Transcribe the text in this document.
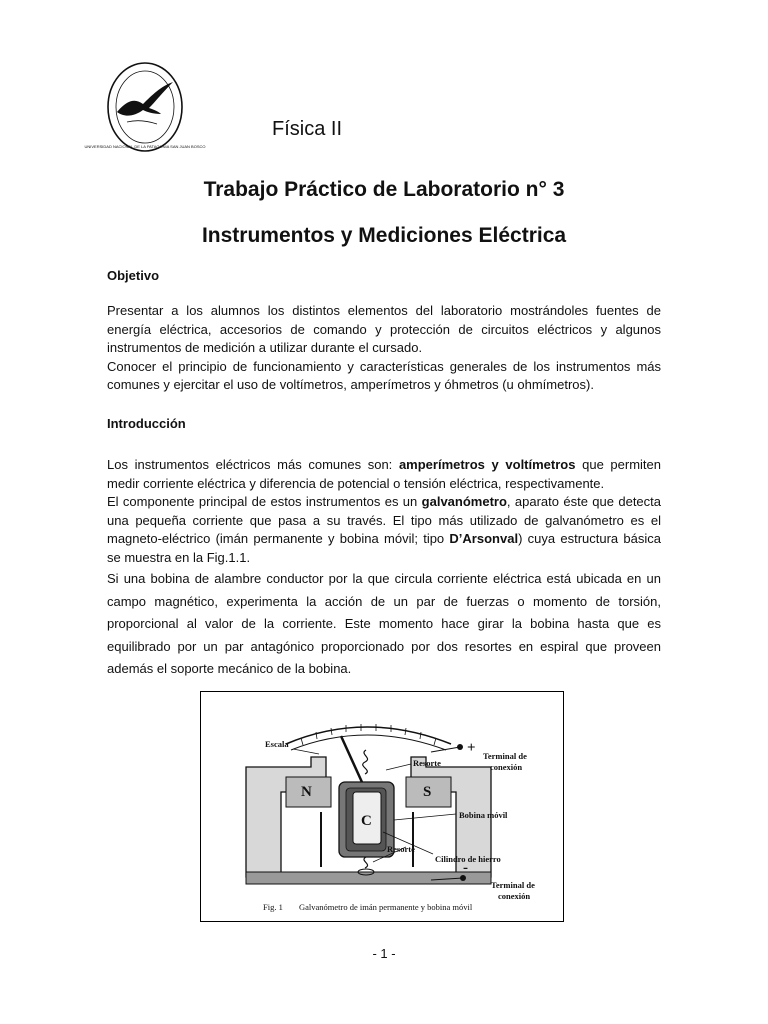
UNIVERSIDAD NACIONAL DE LA PATAGONIA SAN JUAN BOSCO
Física II
Trabajo Práctico de Laboratorio n° 3
Instrumentos y Mediciones Eléctrica
Objetivo

Presentar a los alumnos los distintos elementos del laboratorio mostrándoles fuentes de energía eléctrica, accesorios de comando y protección de circuitos eléctricos y algunos instrumentos de medición a utilizar durante el cursado.
Conocer el principio de funcionamiento y características generales de los instrumentos más comunes y ejercitar el uso de voltímetros, amperímetros y óhmetros (u ohmímetros).

Introducción

Los instrumentos eléctricos más comunes son: amperímetros y voltímetros que permiten medir corriente eléctrica y diferencia de potencial o tensión eléctrica, respectivamente.
El componente principal de estos instrumentos es un galvanómetro, aparato éste que detecta una pequeña corriente que pasa a su través. El tipo más utilizado de galvanómetro es el magneto-eléctrico (imán permanente y bobina móvil; tipo D’Arsonval) cuya estructura básica se muestra en la Fig.1.1.

Si una bobina de alambre conductor por la que circula corriente eléctrica está ubicada en un campo magnético, experimenta la acción de un par de fuerzas o momento de torsión, proporcional al valor de la corriente. Este momento hace girar la bobina hasta que es equilibrado por un par antagónico proporcionado por dos resortes en espiral que proveen además el soporte mecánico de la bobina.

Escala	+ Terminal de
conexión
Resorte
N	S
C	Bobina móvil
Resorte
Cilindro de hierro
-
Terminal de
conexión
Fig. 1 Galvanómetro de imán permanente y bobina móvil
- 1 -
